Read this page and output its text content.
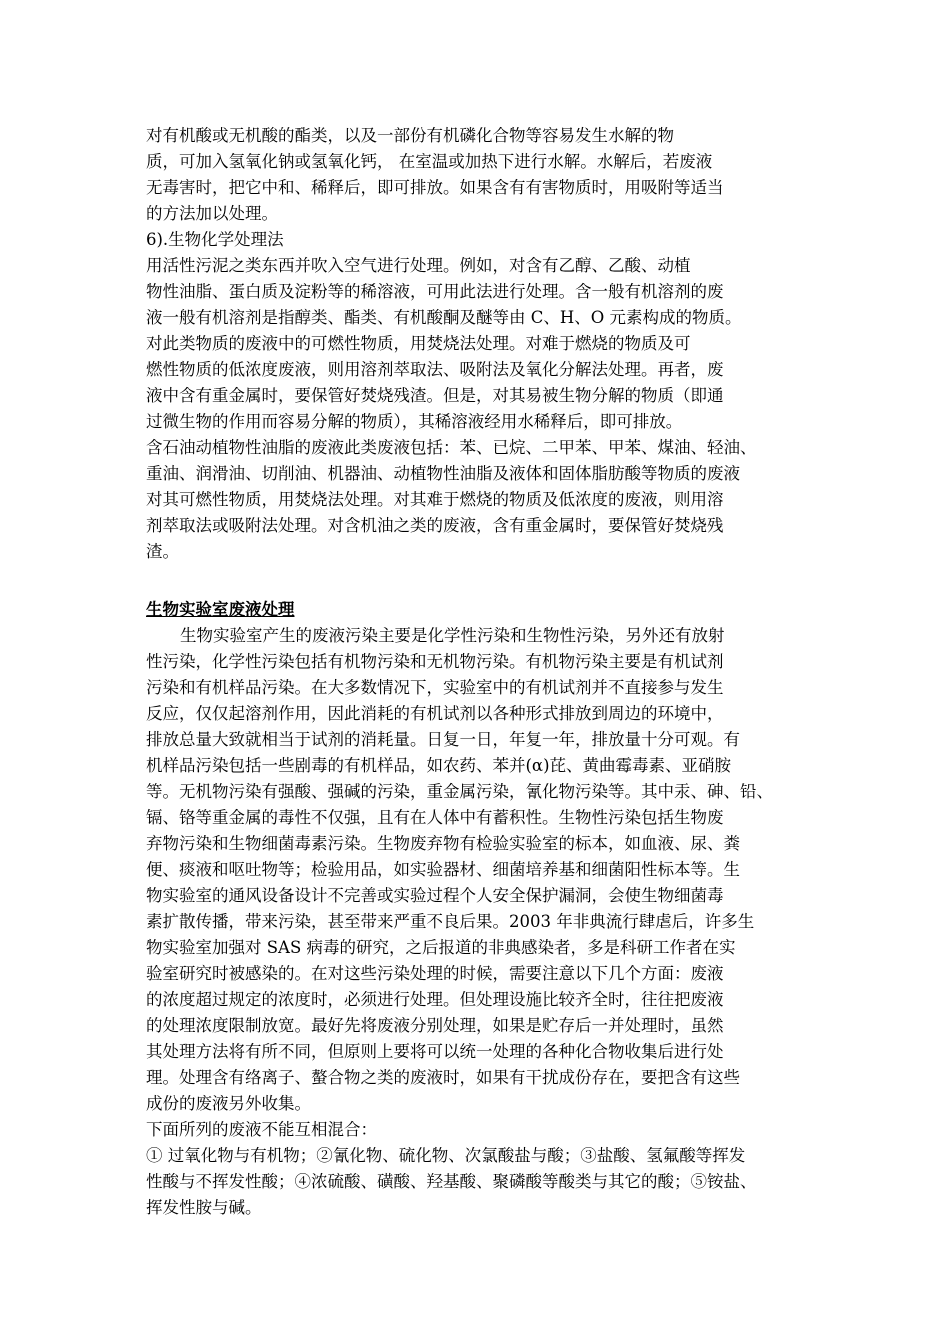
对有机酸或无机酸的酯类，以及一部份有机磷化合物等容易发生水解的物
质，可加入氢氧化钠或氢氧化钙， 在室温或加热下进行水解。水解后，若废液
无毒害时，把它中和、稀释后，即可排放。如果含有有害物质时，用吸附等适当
的方法加以处理。
6).生物化学处理法
用活性污泥之类东西并吹入空气进行处理。例如，对含有乙醇、乙酸、动植
物性油脂、蛋白质及淀粉等的稀溶液，可用此法进行处理。含一般有机溶剂的废
液一般有机溶剂是指醇类、酯类、有机酸酮及醚等由 C、H、O 元素构成的物质。
对此类物质的废液中的可燃性物质，用焚烧法处理。对难于燃烧的物质及可
燃性物质的低浓度废液，则用溶剂萃取法、吸附法及氧化分解法处理。再者，废
液中含有重金属时，要保管好焚烧残渣。但是，对其易被生物分解的物质（即通
过微生物的作用而容易分解的物质），其稀溶液经用水稀释后，即可排放。
含石油动植物性油脂的废液此类废液包括：苯、已烷、二甲苯、甲苯、煤油、轻油、
重油、润滑油、切削油、机器油、动植物性油脂及液体和固体脂肪酸等物质的废液
对其可燃性物质，用焚烧法处理。对其难于燃烧的物质及低浓度的废液，则用溶
剂萃取法或吸附法处理。对含机油之类的废液，含有重金属时，要保管好焚烧残
渣。
生物实验室废液处理
生物实验室产生的废液污染主要是化学性污染和生物性污染，另外还有放射
性污染，化学性污染包括有机物污染和无机物污染。有机物污染主要是有机试剂
污染和有机样品污染。在大多数情况下，实验室中的有机试剂并不直接参与发生
反应，仅仅起溶剂作用，因此消耗的有机试剂以各种形式排放到周边的环境中，
排放总量大致就相当于试剂的消耗量。日复一日，年复一年，排放量十分可观。有
机样品污染包括一些剧毒的有机样品，如农药、苯并(α)芘、黄曲霉毒素、亚硝胺
等。无机物污染有强酸、强碱的污染，重金属污染，氰化物污染等。其中汞、砷、铅、
镉、铬等重金属的毒性不仅强，且有在人体中有蓄积性。生物性污染包括生物废
弃物污染和生物细菌毒素污染。生物废弃物有检验实验室的标本，如血液、尿、粪
便、痰液和呕吐物等；检验用品，如实验器材、细菌培养基和细菌阳性标本等。生
物实验室的通风设备设计不完善或实验过程个人安全保护漏洞，会使生物细菌毒
素扩散传播，带来污染，甚至带来严重不良后果。2003 年非典流行肆虐后，许多生
物实验室加强对 SAS 病毒的研究，之后报道的非典感染者，多是科研工作者在实
验室研究时被感染的。在对这些污染处理的时候，需要注意以下几个方面：废液
的浓度超过规定的浓度时，必须进行处理。但处理设施比较齐全时，往往把废液
的处理浓度限制放宽。最好先将废液分别处理，如果是贮存后一并处理时，虽然
其处理方法将有所不同，但原则上要将可以统一处理的各种化合物收集后进行处
理。处理含有络离子、螯合物之类的废液时，如果有干扰成份存在，要把含有这些
成份的废液另外收集。
下面所列的废液不能互相混合：
① 过氧化物与有机物；②氰化物、硫化物、次氯酸盐与酸；③盐酸、氢氟酸等挥发
性酸与不挥发性酸；④浓硫酸、磺酸、羟基酸、聚磷酸等酸类与其它的酸；⑤铵盐、
挥发性胺与碱。
